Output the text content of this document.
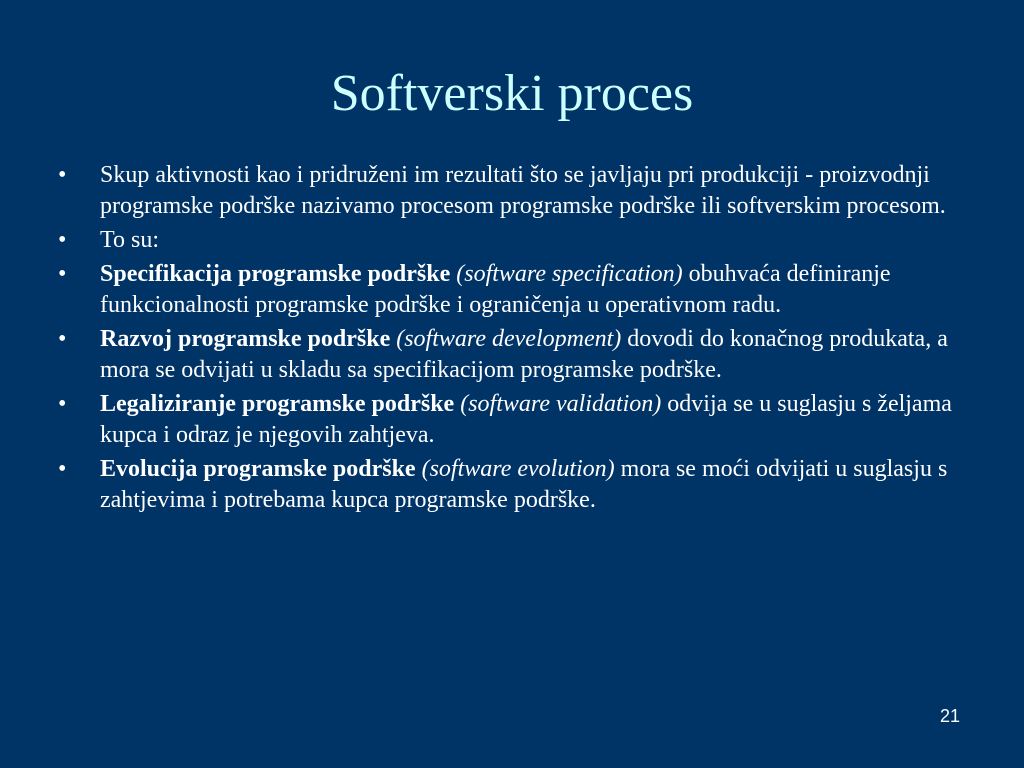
Softverski proces
•	Skup aktivnosti kao i pridruženi im rezultati što se javljaju pri produkciji - proizvodnji programske podrške nazivamo procesom programske podrške ili softverskim procesom.
•	To su:
•	Specifikacija programske podrške (software specification) obuhvaća definiranje funkcionalnosti programske podrške i ograničenja u operativnom radu.
•	Razvoj programske podrške (software development) dovodi do konačnog produkata, a mora se odvijati u skladu sa specifikacijom programske podrške.
•	Legaliziranje programske podrške (software validation) odvija se u suglasju s željama kupca i odraz je njegovih zahtjeva.
•	Evolucija programske podrške (software evolution) mora se moći odvijati u suglasju s zahtjevima i potrebama kupca programske podrške.
21
